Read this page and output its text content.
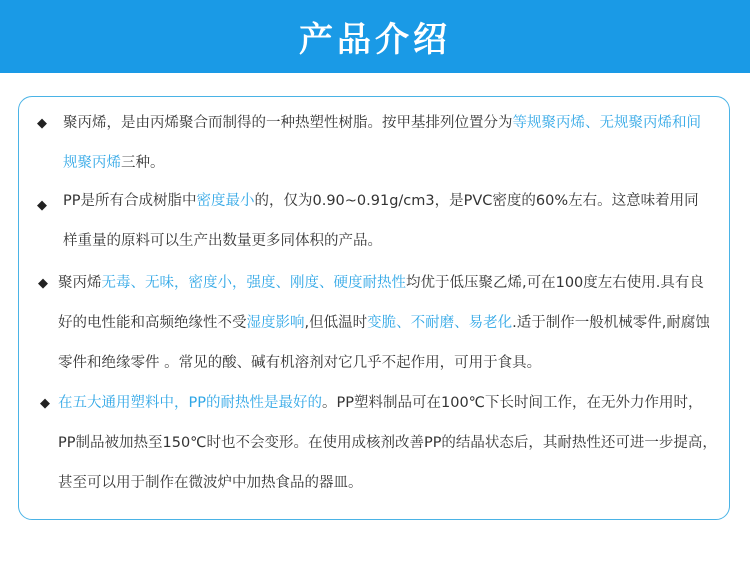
产品介绍
◆ 聚丙烯，是由丙烯聚合而制得的一种热塑性树脂。按甲基排列位置分为等规聚丙烯、无规聚丙烯和间规聚丙烯三种。
◆ PP是所有合成树脂中密度最小的，仅为0.90~0.91g/cm3，是PVC密度的60%左右。这意味着用同样重量的原料可以生产出数量更多同体积的产品。
◆ 聚丙烯无毒、无味，密度小，强度、刚度、硬度耐热性均优于低压聚乙烯,可在100度左右使用.具有良好的电性能和高频绝缘性不受湿度影响,但低温时变脆、不耐磨、易老化.适于制作一般机械零件,耐腐蚀零件和绝缘零件 。常见的酸、碱有机溶剂对它几乎不起作用，可用于食具。
◆ 在五大通用塑料中，PP的耐热性是最好的。PP塑料制品可在100℃下长时间工作，在无外力作用时，PP制品被加热至150℃时也不会变形。在使用成核剂改善PP的结晶状态后，其耐热性还可进一步提高，甚至可以用于制作在微波炉中加热食品的器皿。
